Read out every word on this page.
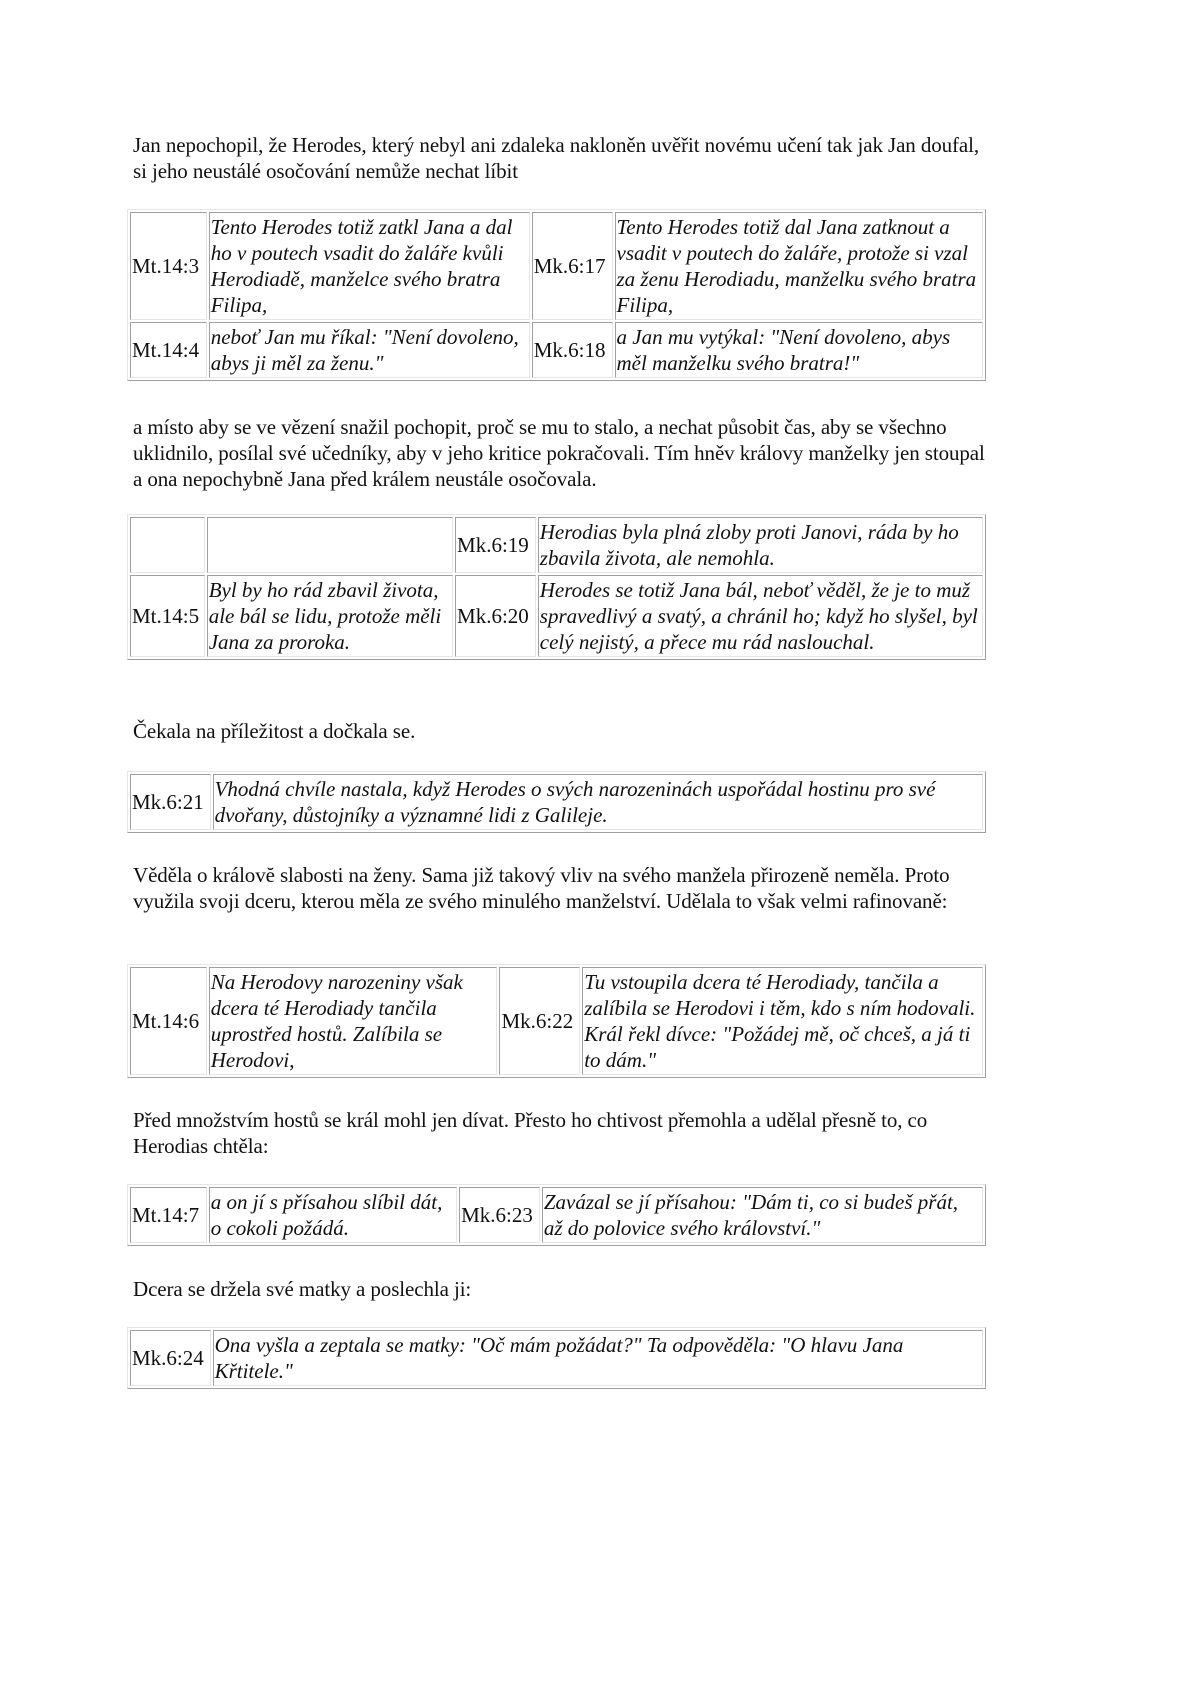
Jan nepochopil, že Herodes, který nebyl ani zdaleka nakloněn uvěřit novému učení tak jak Jan doufal, si jeho neustálé osočování nemůže nechat líbit

Mt.14:3	Tento Herodes totiž zatkl Jana a dal ho v poutech vsadit do žaláře kvůli Herodiadě, manželce svého bratra Filipa,	Mk.6:17	Tento Herodes totiž dal Jana zatknout a vsadit v poutech do žaláře, protože si vzal za ženu Herodiadu, manželku svého bratra Filipa,
Mt.14:4	neboť Jan mu říkal: "Není dovoleno, abys ji měl za ženu."	Mk.6:18	a Jan mu vytýkal: "Není dovoleno, abys měl manželku svého bratra!"

a místo aby se ve vězení snažil pochopit, proč se mu to stalo, a nechat působit čas, aby se všechno uklidnilo, posílal své učedníky, aby v jeho kritice pokračovali. Tím hněv královy manželky jen stoupal a ona nepochybně Jana před králem neustále osočovala.

		Mk.6:19	Herodias byla plná zloby proti Janovi, ráda by ho zbavila života, ale nemohla.
Mt.14:5	Byl by ho rád zbavil života, ale bál se lidu, protože měli Jana za proroka.	Mk.6:20	Herodes se totiž Jana bál, neboť věděl, že je to muž spravedlivý a svatý, a chránil ho; když ho slyšel, byl celý nejistý, a přece mu rád naslouchal.

Čekala na příležitost a dočkala se.

Mk.6:21	Vhodná chvíle nastala, když Herodes o svých narozeninách uspořádal hostinu pro své dvořany, důstojníky a významné lidi z Galileje.

Věděla o královĕ slabosti na ženy. Sama již takový vliv na svého manžela přirozeně neměla. Proto využila svoji dceru, kterou měla ze svého minulého manželství. Udělala to však velmi rafinovaně:

Mt.14:6	Na Herodovy narozeniny však dcera té Herodiady tančila uprostřed hostů. Zalíbila se Herodovi,	Mk.6:22	Tu vstoupila dcera té Herodiady, tančila a zalíbila se Herodovi i těm, kdo s ním hodovali. Král řekl dívce: "Požádej mě, oč chceš, a já ti to dám."

Před množstvím hostů se král mohl jen dívat. Přesto ho chtivost přemohla a udělal přesně to, co Herodias chtěla:

Mt.14:7	a on jí s přísahou slíbil dát, o cokoli požádá.	Mk.6:23	Zavázal se jí přísahou: "Dám ti, co si budeš přát, až do polovice svého království."

Dcera se držela své matky a poslechla ji:

Mk.6:24	Ona vyšla a zeptala se matky: "Oč mám požádat?" Ta odpověděla: "O hlavu Jana Křtitele."
